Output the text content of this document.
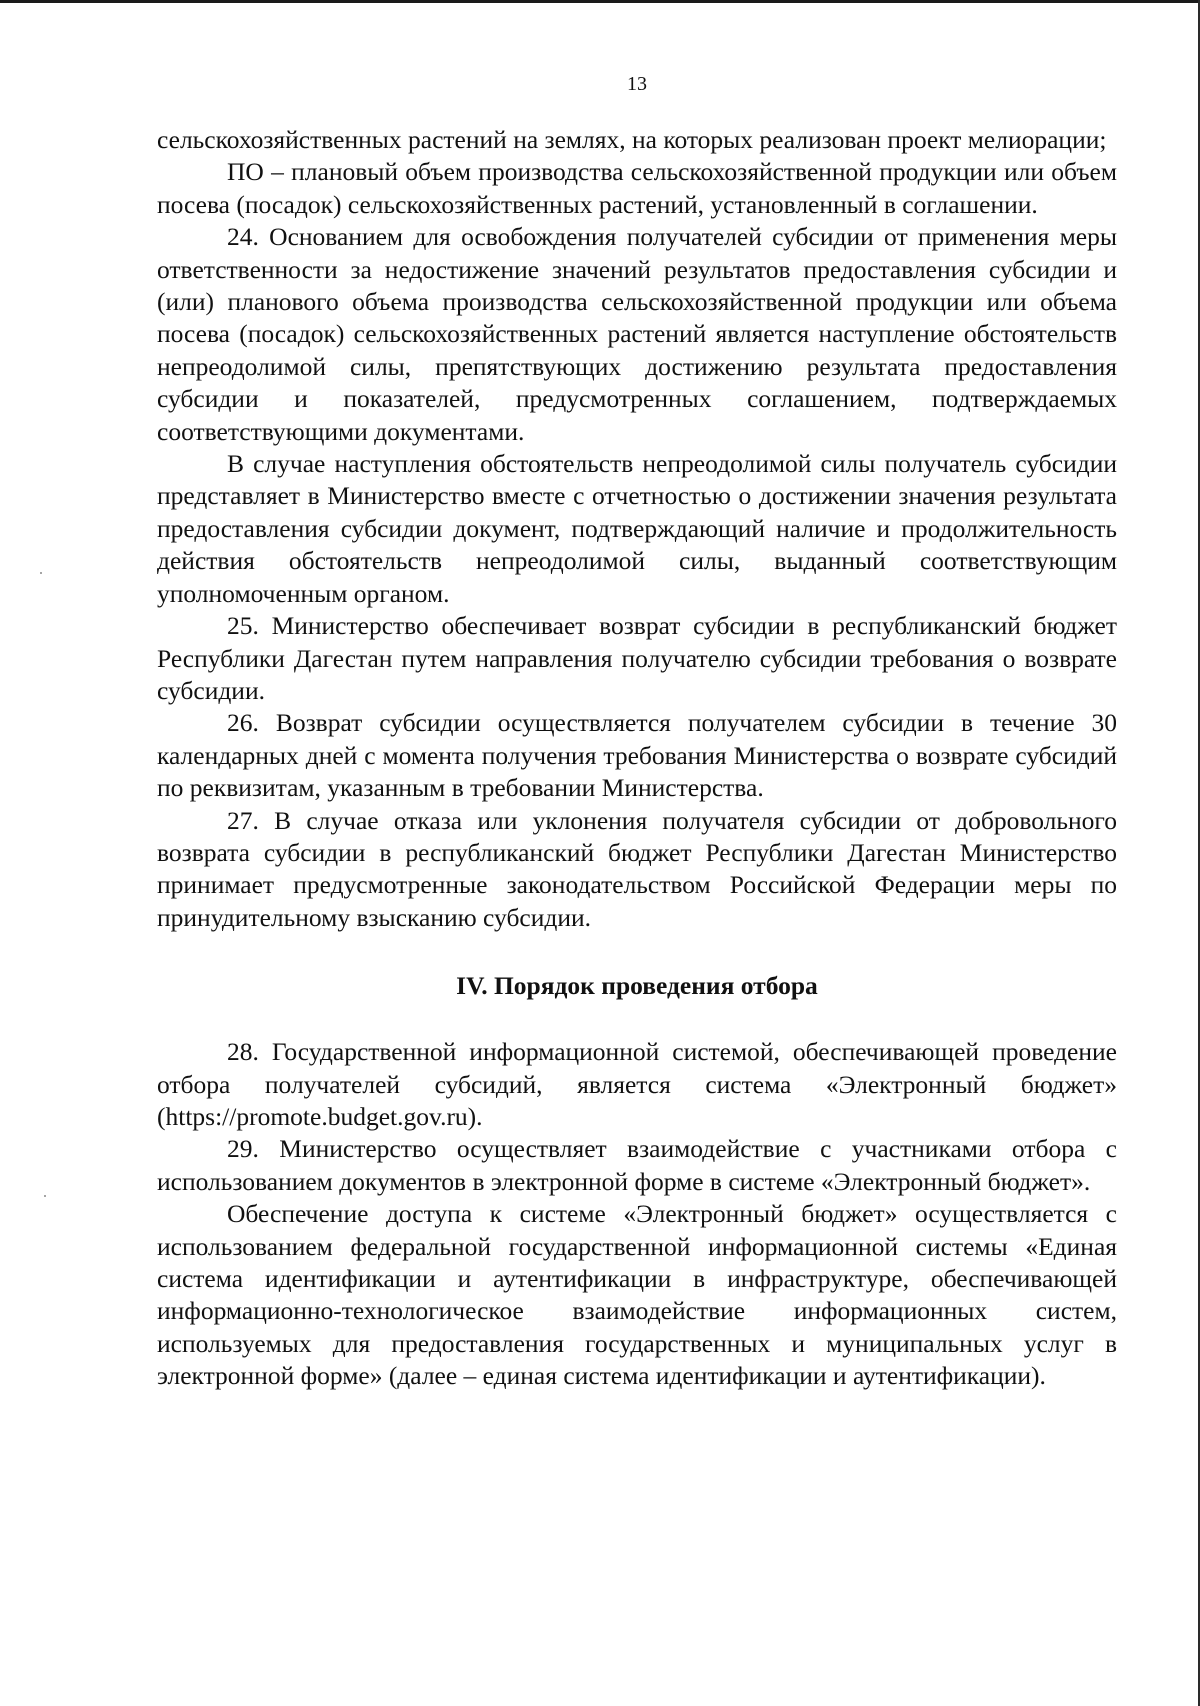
13

сельскохозяйственных растений на землях, на которых реализован проект мелиорации;

ПО – плановый объем производства сельскохозяйственной продукции или объем посева (посадок) сельскохозяйственных растений, установленный в соглашении.

24. Основанием для освобождения получателей субсидии от применения меры ответственности за недостижение значений результатов предоставления субсидии и (или) планового объема производства сельскохозяйственной продукции или объема посева (посадок) сельскохозяйственных растений является наступление обстоятельств непреодолимой силы, препятствующих достижению результата предоставления субсидии и показателей, предусмотренных соглашением, подтверждаемых соответствующими документами.

В случае наступления обстоятельств непреодолимой силы получатель субсидии представляет в Министерство вместе с отчетностью о достижении значения результата предоставления субсидии документ, подтверждающий наличие и продолжительность действия обстоятельств непреодолимой силы, выданный соответствующим уполномоченным органом.

25. Министерство обеспечивает возврат субсидии в республиканский бюджет Республики Дагестан путем направления получателю субсидии требования о возврате субсидии.

26. Возврат субсидии осуществляется получателем субсидии в течение 30 календарных дней с момента получения требования Министерства о возврате субсидий по реквизитам, указанным в требовании Министерства.

27. В случае отказа или уклонения получателя субсидии от добровольного возврата субсидии в республиканский бюджет Республики Дагестан Министерство принимает предусмотренные законодательством Российской Федерации меры по принудительному взысканию субсидии.

IV. Порядок проведения отбора

28. Государственной информационной системой, обеспечивающей проведение отбора получателей субсидий, является система «Электронный бюджет» (https://promote.budget.gov.ru).

29. Министерство осуществляет взаимодействие с участниками отбора с использованием документов в электронной форме в системе «Электронный бюджет».

Обеспечение доступа к системе «Электронный бюджет» осуществляется с использованием федеральной государственной информационной системы «Единая система идентификации и аутентификации в инфраструктуре, обеспечивающей информационно-технологическое взаимодействие информационных систем, используемых для предоставления государственных и муниципальных услуг в электронной форме» (далее – единая система идентификации и аутентификации).
